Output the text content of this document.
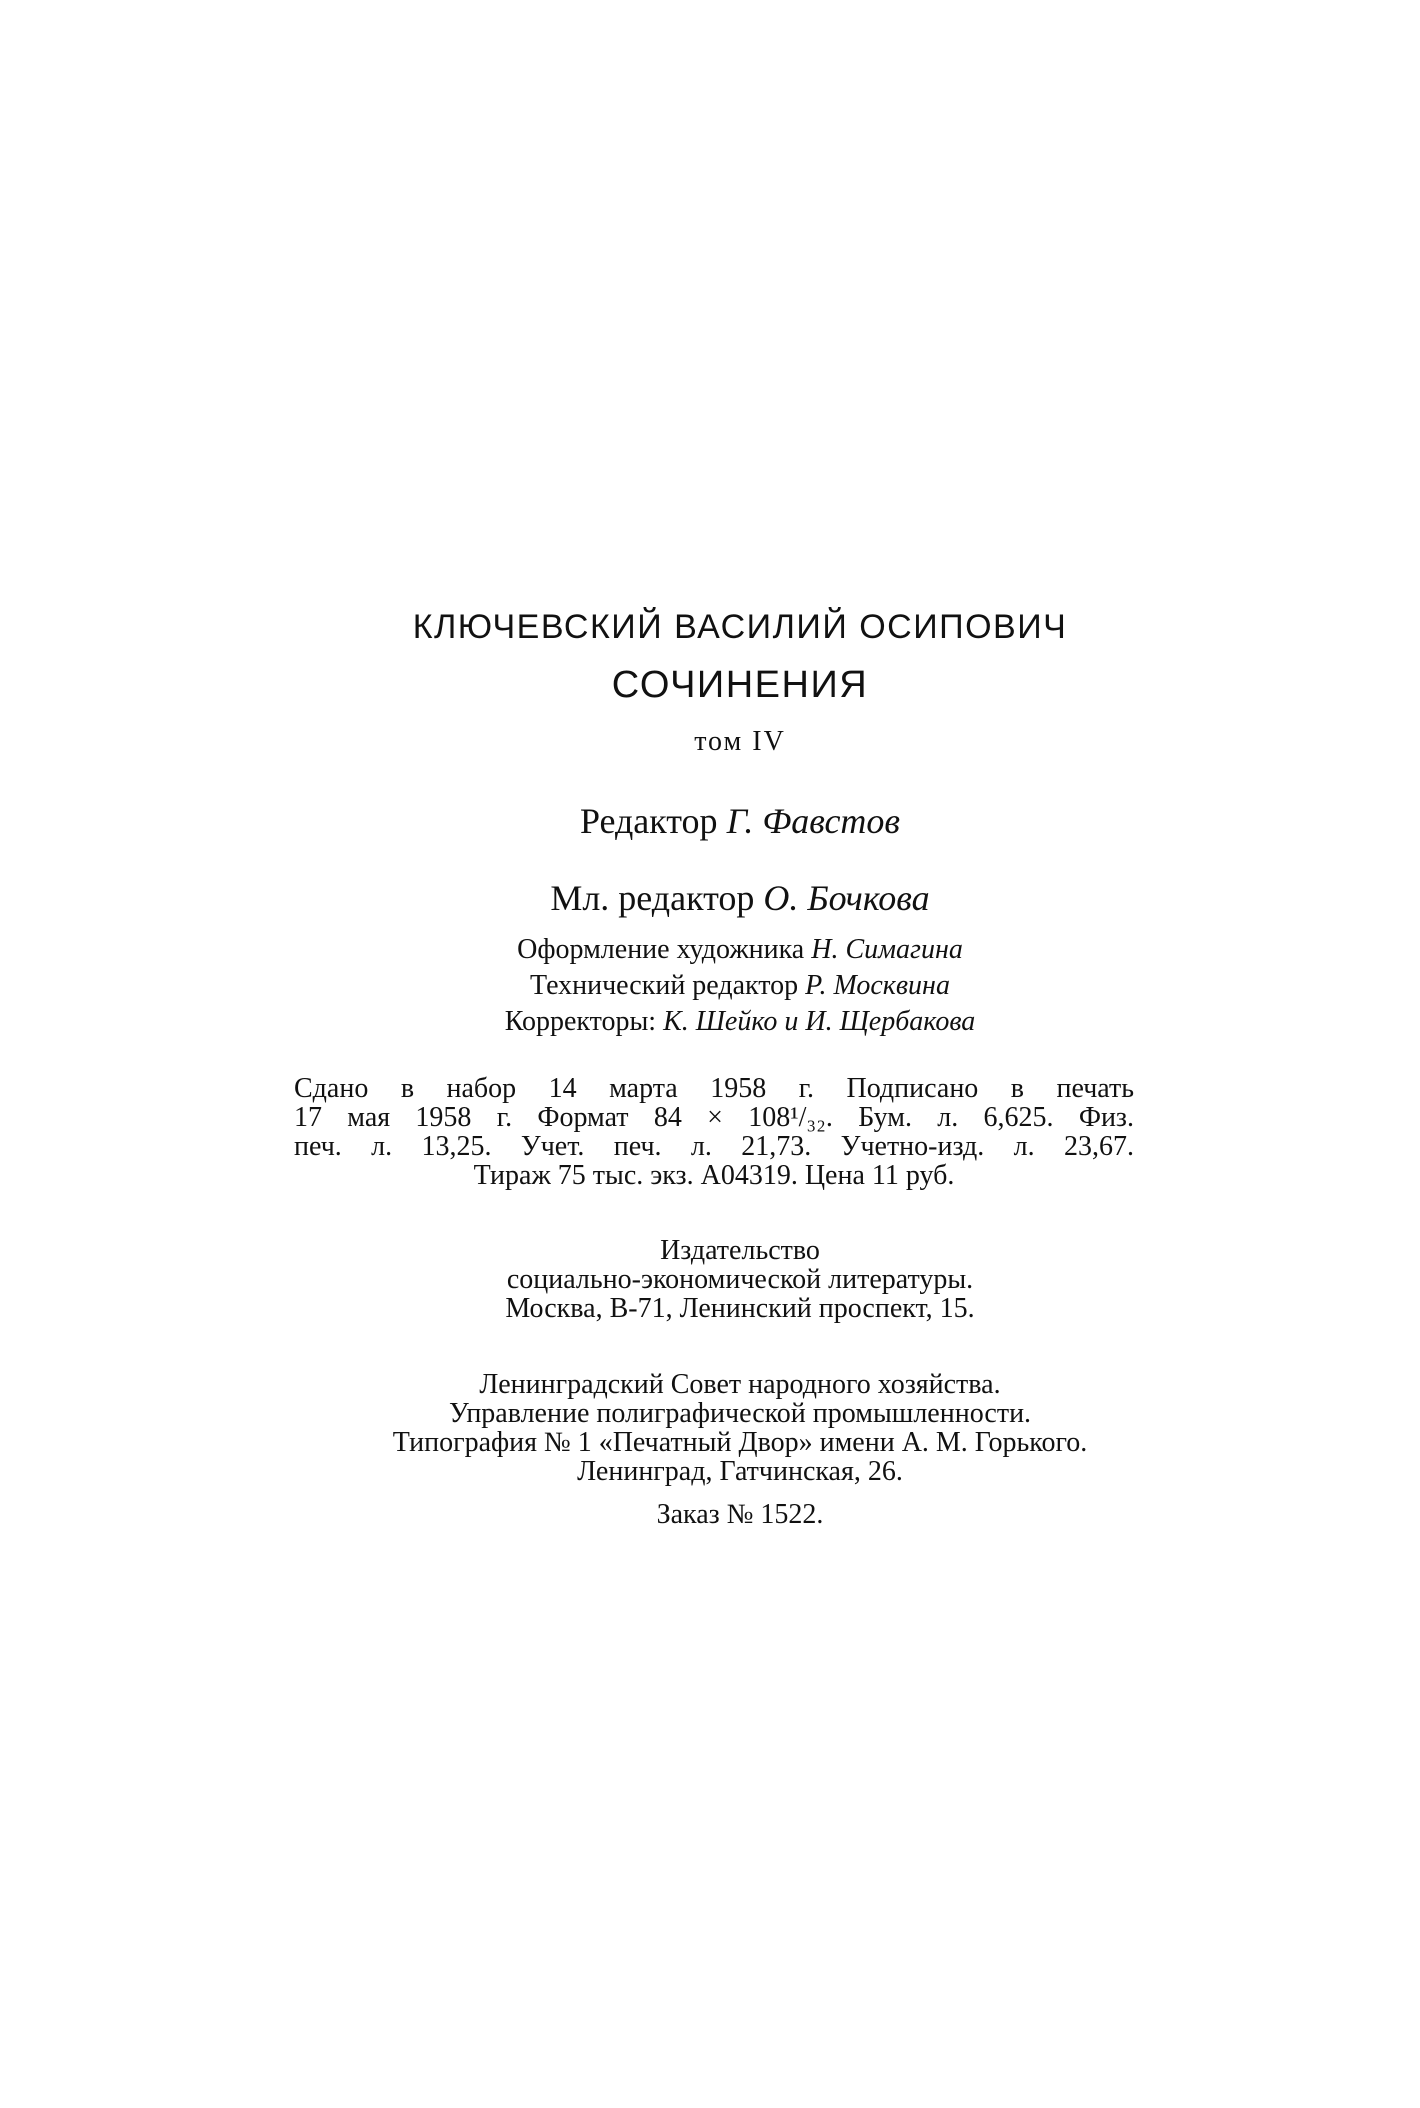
КЛЮЧЕВСКИЙ ВАСИЛИЙ ОСИПОВИЧ
СОЧИНЕНИЯ
том IV
Редактор Г. Фавстов
Мл. редактор О. Бочкова
Оформление художника Н. Симагина
Технический редактор Р. Москвина
Корректоры: К. Шейко и И. Щербакова
Сдано в набор 14 марта 1958 г. Подписано в печать
17 мая 1958 г. Формат 84 × 108¹/₃₂. Бум. л. 6,625. Физ.
печ. л. 13,25. Учет. печ. л. 21,73. Учетно-изд. л. 23,67.
Тираж 75 тыс. экз. А04319. Цена 11 руб.
Издательство
социально-экономической литературы.
Москва, В-71, Ленинский проспект, 15.
Ленинградский Совет народного хозяйства.
Управление полиграфической промышленности.
Типография № 1 «Печатный Двор» имени А. М. Горького.
Ленинград, Гатчинская, 26.
Заказ № 1522.
